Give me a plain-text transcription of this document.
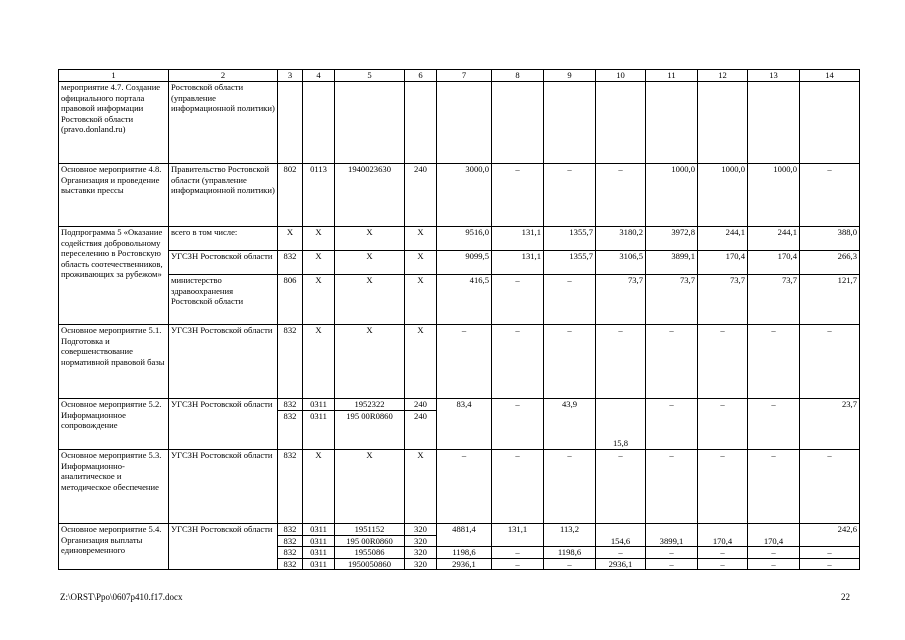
1	2	3	4	5	6	7	8	9	10	11	12	13	14
мероприятие 4.7. Создание официального портала правовой информации Ростовской области (pravo.donland.ru)	Ростовской области (управление информационной политики)												
Основное мероприятие 4.8. Организация и проведение выставки прессы	Правительство Ростовской области (управление информационной политики)	802	0113	1940023630	240	3000,0	–	–	–	1000,0	1000,0	1000,0	–
Подпрограмма 5 «Оказание содействия добровольному переселению в Ростовскую область соотечественников, проживающих за рубежом»	всего в том числе:	Х	Х	Х	Х	9516,0	131,1	1355,7	3180,2	3972,8	244,1	244,1	388,0
	УГСЗН Ростовской области	832	Х	Х	Х	9099,5	131,1	1355,7	3106,5	3899,1	170,4	170,4	266,3
	министерство здравоохранения Ростовской области	806	Х	Х	Х	416,5	–	–	73,7	73,7	73,7	73,7	121,7
Основное мероприятие 5.1. Подготовка и совершенствование нормативной правовой базы	УГСЗН Ростовской области	832	Х	Х	Х	–	–	–	–	–	–	–	–
Основное мероприятие 5.2. Информационное сопровождение	УГСЗН Ростовской области	832	0311	1952322	240	83,4	–	43,9	15,8	–	–	–	23,7
		832	0311	195 00R0860	240								
Основное мероприятие 5.3. Информационно-аналитическое и методическое обеспечение	УГСЗН Ростовской области	832	Х	Х	Х	–	–	–	–	–	–	–	–
Основное мероприятие 5.4. Организация выплаты единовременного	УГСЗН Ростовской области	832	0311	1951152	320	4881,4	131,1	113,2	154,6	3899,1	170,4	170,4	242,6
		832	0311	195 00R0860	320								
		832	0311	1955086	320	1198,6	–	1198,6	–	–	–	–	–
		832	0311	1950050860	320	2936,1	–	–	2936,1	–	–	–	–
Z:\ORST\Ppo\0607p410.f17.docx	22
